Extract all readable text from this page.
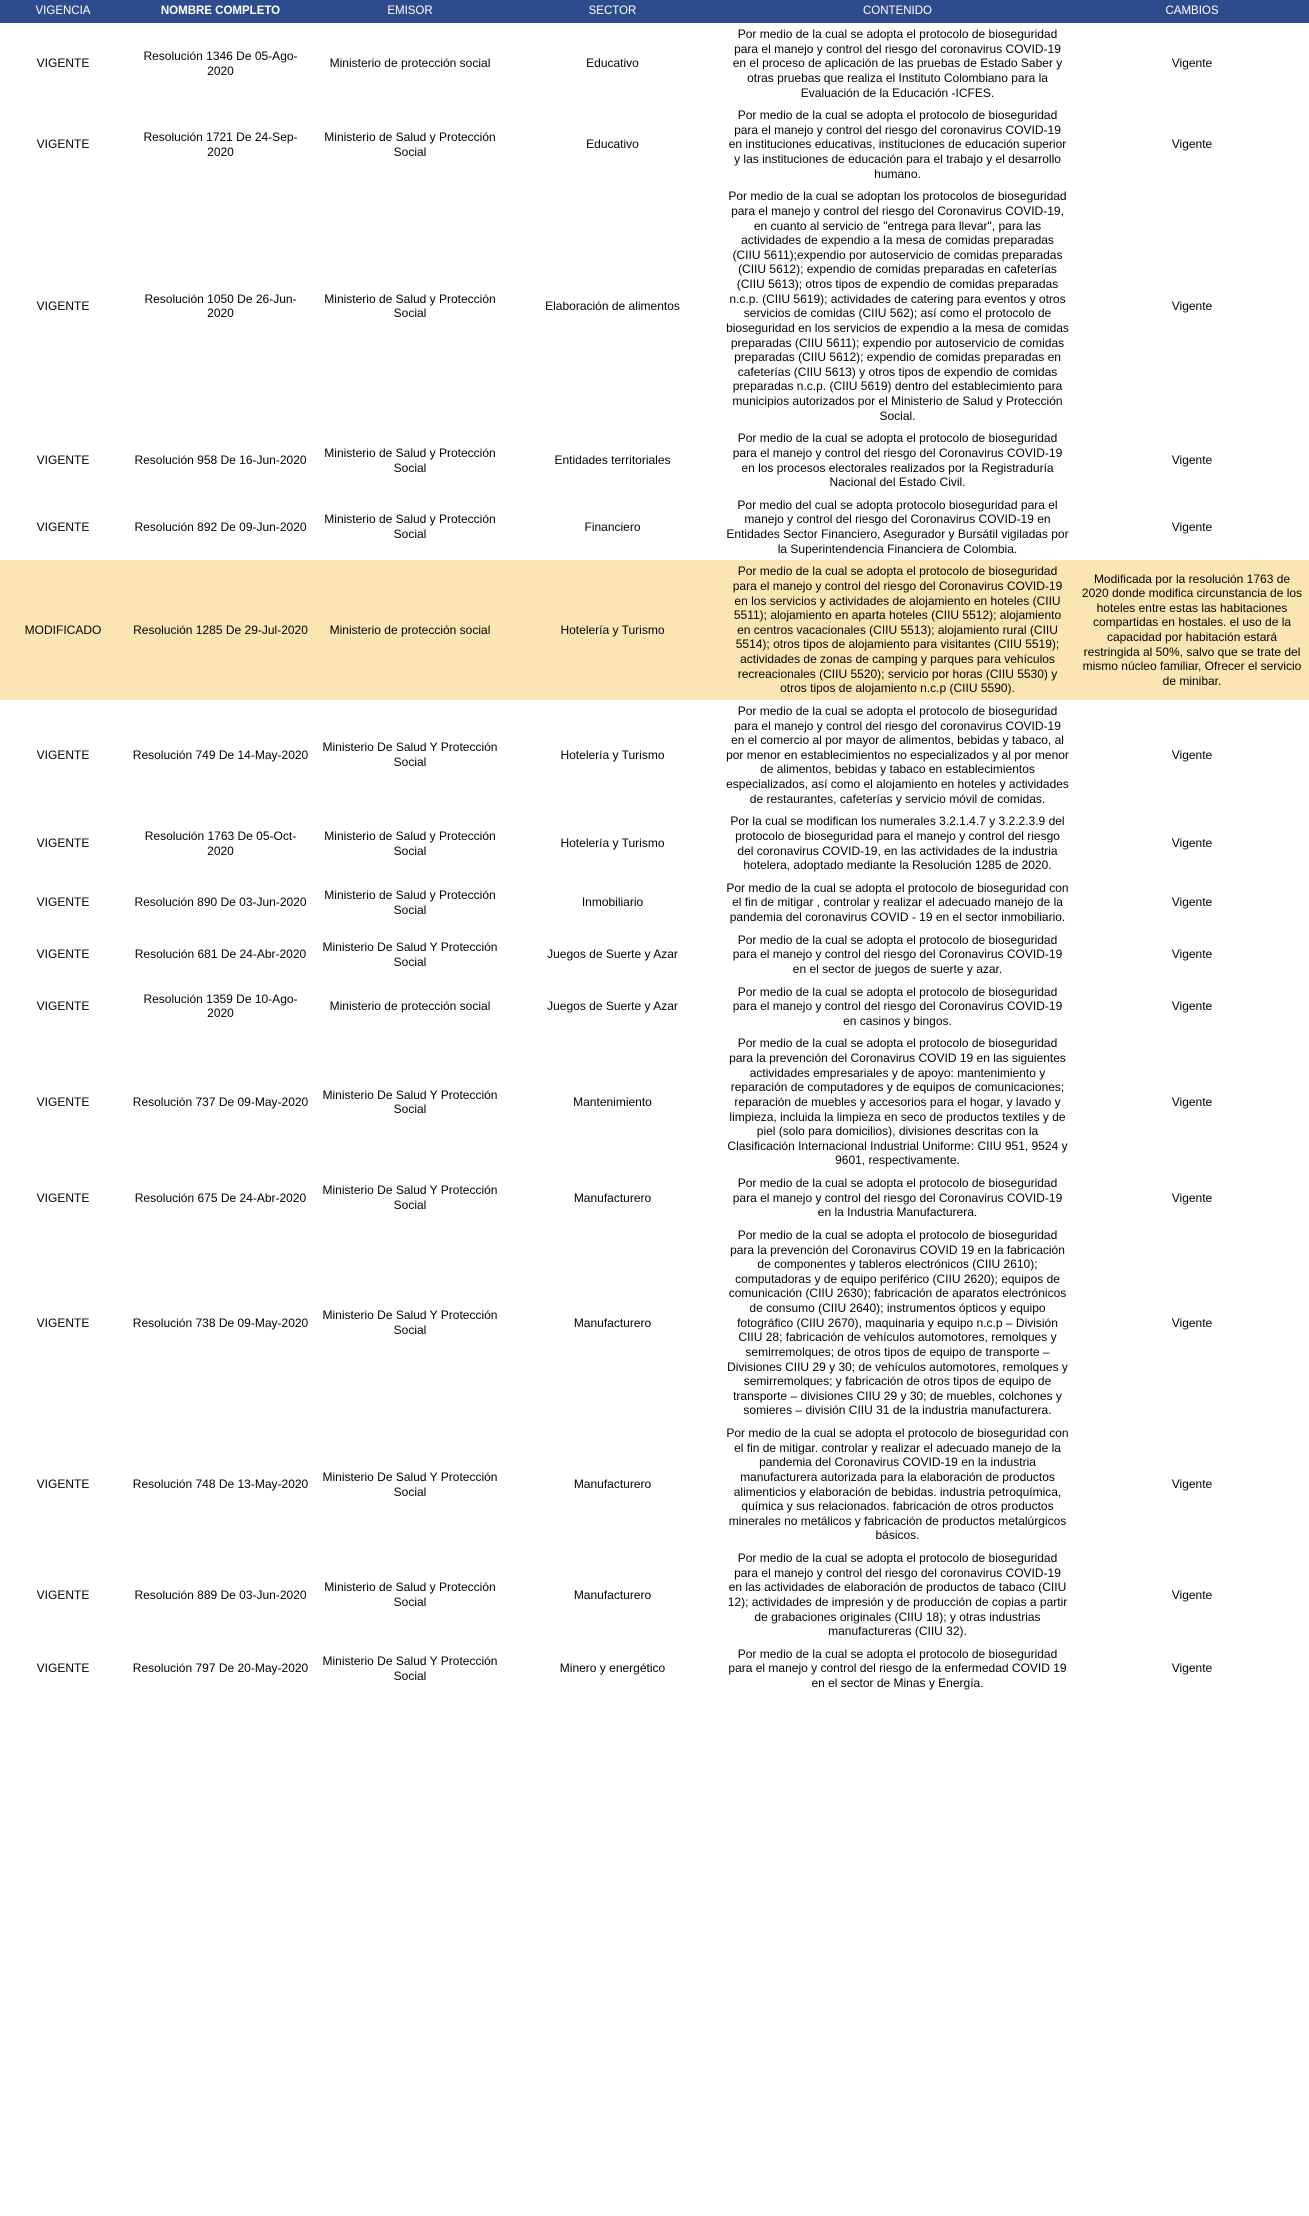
VIGENCIA	NOMBRE COMPLETO	EMISOR	SECTOR	CONTENIDO	CAMBIOS
VIGENTE	Resolución 1346 De 05-Ago-2020	Ministerio de protección social	Educativo	Por medio de la cual se adopta el protocolo de bioseguridad para el manejo y control del riesgo del coronavirus COVID-19 en el proceso de aplicación de las pruebas de Estado Saber y otras pruebas que realiza el Instituto Colombiano para la Evaluación de la Educación -ICFES.	Vigente
VIGENTE	Resolución 1721 De 24-Sep-2020	Ministerio de Salud y Protección Social	Educativo	Por medio de la cual se adopta el protocolo de bioseguridad para el manejo y control del riesgo del coronavirus COVID-19 en instituciones educativas, instituciones de educación superior y las instituciones de educación para el trabajo y el desarrollo humano.	Vigente
VIGENTE	Resolución 1050 De 26-Jun-2020	Ministerio de Salud y Protección Social	Elaboración de alimentos	Por medio de la cual se adoptan los protocolos de bioseguridad para el manejo y control del riesgo del Coronavirus COVID-19, en cuanto al servicio de "entrega para llevar", para las actividades de expendio a la mesa de comidas preparadas (CIIU 5611);expendio por autoservicio de comidas preparadas (CIIU 5612); expendio de comidas preparadas en cafeterías (CIIU 5613); otros tipos de expendio de comidas preparadas n.c.p. (CIIU 5619); actividades de catering para eventos y otros servicios de comidas (CIIU 562); así como el protocolo de bioseguridad en los servicios de expendio a la mesa de comidas preparadas (CIIU 5611); expendio por autoservicio de comidas preparadas (CIIU 5612); expendio de comidas preparadas en cafeterías (CIIU 5613) y otros tipos de expendio de comidas preparadas n.c.p. (CIIU 5619) dentro del establecimiento para municipios autorizados por el Ministerio de Salud y Protección Social.	Vigente
VIGENTE	Resolución 958 De 16-Jun-2020	Ministerio de Salud y Protección Social	Entidades territoriales	Por medio de la cual se adopta el protocolo de bioseguridad para el manejo y control del riesgo del Coronavirus COVID-19 en los procesos electorales realizados por la Registraduría Nacional del Estado Civil.	Vigente
VIGENTE	Resolución 892 De 09-Jun-2020	Ministerio de Salud y Protección Social	Financiero	Por medio del cual se adopta protocolo bioseguridad para el manejo y control del riesgo del Coronavirus COVID-19 en Entidades Sector Financiero, Asegurador y Bursátil vigiladas por la Superintendencia Financiera de Colombia.	Vigente
MODIFICADO	Resolución 1285 De 29-Jul-2020	Ministerio de protección social	Hotelería y Turismo	Por medio de la cual se adopta el protocolo de bioseguridad para el manejo y control del riesgo del Coronavirus COVID-19 en los servicios y actividades de alojamiento en hoteles (CIIU 5511); alojamiento en aparta hoteles (CIIU 5512); alojamiento en centros vacacionales (CIIU 5513); alojamiento rural (CIIU 5514); otros tipos de alojamiento para visitantes (CIIU 5519); actividades de zonas de camping y parques para vehículos recreacionales (CIIU 5520); servicio por horas (CIIU 5530) y otros tipos de alojamiento n.c.p (CIIU 5590).	Modificada por la resolución 1763 de 2020 donde modifica circunstancia de los hoteles entre estas las habitaciones compartidas en hostales. el uso de la capacidad por habitación estará restringida al 50%, salvo que se trate del mismo núcleo familiar, Ofrecer el servicio de minibar.
VIGENTE	Resolución 749 De 14-May-2020	Ministerio De Salud Y Protección Social	Hotelería y Turismo	Por medio de la cual se adopta el protocolo de bioseguridad para el manejo y control del riesgo del coronavirus COVID-19 en el comercio al por mayor de alimentos, bebidas y tabaco, al por menor en establecimientos no especializados y al por menor de alimentos, bebidas y tabaco en establecimientos especializados, así como el alojamiento en hoteles y actividades de restaurantes, cafeterías y servicio móvil de comidas.	Vigente
VIGENTE	Resolución 1763 De 05-Oct-2020	Ministerio de Salud y Protección Social	Hotelería y Turismo	Por la cual se modifican los numerales 3.2.1.4.7 y 3.2.2.3.9 del protocolo de bioseguridad para el manejo y control del riesgo del coronavirus COVID-19, en las actividades de la industria hotelera, adoptado mediante la Resolución 1285 de 2020.	Vigente
VIGENTE	Resolución 890 De 03-Jun-2020	Ministerio de Salud y Protección Social	Inmobiliario	Por medio de la cual se adopta el protocolo de bioseguridad con el fin de mitigar , controlar y realizar el adecuado manejo de la pandemia del coronavirus COVID - 19 en el sector inmobiliario.	Vigente
VIGENTE	Resolución 681 De 24-Abr-2020	Ministerio De Salud Y Protección Social	Juegos de Suerte y Azar	Por medio de la cual se adopta el protocolo de bioseguridad para el manejo y control del riesgo del Coronavirus COVID-19 en el sector de juegos de suerte y azar.	Vigente
VIGENTE	Resolución 1359 De 10-Ago-2020	Ministerio de protección social	Juegos de Suerte y Azar	Por medio de la cual se adopta el protocolo de bioseguridad para el manejo y control del riesgo del Coronavirus COVID-19 en casinos y bingos.	Vigente
VIGENTE	Resolución 737 De 09-May-2020	Ministerio De Salud Y Protección Social	Mantenimiento	Por medio de la cual se adopta el protocolo de bioseguridad para la prevención del Coronavirus COVID 19 en las siguientes actividades empresariales y de apoyo: mantenimiento y reparación de computadores y de equipos de comunicaciones; reparación de muebles y accesorios para el hogar, y lavado y limpieza, incluida la limpieza en seco de productos textiles y de piel (solo para domicilios), divisiones descritas con la Clasificación Internacional Industrial Uniforme: CIIU 951, 9524 y 9601, respectivamente.	Vigente
VIGENTE	Resolución 675 De 24-Abr-2020	Ministerio De Salud Y Protección Social	Manufacturero	Por medio de la cual se adopta el protocolo de bioseguridad para el manejo y control del riesgo del Coronavirus COVID-19 en la Industria Manufacturera.	Vigente
VIGENTE	Resolución 738 De 09-May-2020	Ministerio De Salud Y Protección Social	Manufacturero	Por medio de la cual se adopta el protocolo de bioseguridad para la prevención del Coronavirus COVID 19 en la fabricación de componentes y tableros electrónicos (CIIU 2610); computadoras y de equipo periférico (CIIU 2620); equipos de comunicación (CIIU 2630); fabricación de aparatos electrónicos de consumo (CIIU 2640); instrumentos ópticos y equipo fotográfico (CIIU 2670), maquinaria y equipo n.c.p – División CIIU 28; fabricación de vehículos automotores, remolques y semirremolques; de otros tipos de equipo de transporte – Divisiones CIIU 29 y 30; de vehículos automotores, remolques y semirremolques; y fabricación de otros tipos de equipo de transporte – divisiones CIIU 29 y 30; de muebles, colchones y somieres – división CIIU 31 de la industria manufacturera.	Vigente
VIGENTE	Resolución 748 De 13-May-2020	Ministerio De Salud Y Protección Social	Manufacturero	Por medio de la cual se adopta el protocolo de bioseguridad con el fin de mitigar. controlar y realizar el adecuado manejo de la pandemia del Coronavirus COVID-19 en la industria manufacturera autorizada para la elaboración de productos alimenticios y elaboración de bebidas. industria petroquímica, química y sus relacionados. fabricación de otros productos minerales no metálicos y fabricación de productos metalúrgicos básicos.	Vigente
VIGENTE	Resolución 889 De 03-Jun-2020	Ministerio de Salud y Protección Social	Manufacturero	Por medio de la cual se adopta el protocolo de bioseguridad para el manejo y control del riesgo del coronavirus COVID-19 en las actividades de elaboración de productos de tabaco (CIIU 12); actividades de impresión y de producción de copias a partir de grabaciones originales (CIIU 18); y otras industrias manufactureras (CIIU 32).	Vigente
VIGENTE	Resolución 797 De 20-May-2020	Ministerio De Salud Y Protección Social	Minero y energético	Por medio de la cual se adopta el protocolo de bioseguridad para el manejo y control del riesgo de la enfermedad COVID 19 en el sector de Minas y Energía.	Vigente
